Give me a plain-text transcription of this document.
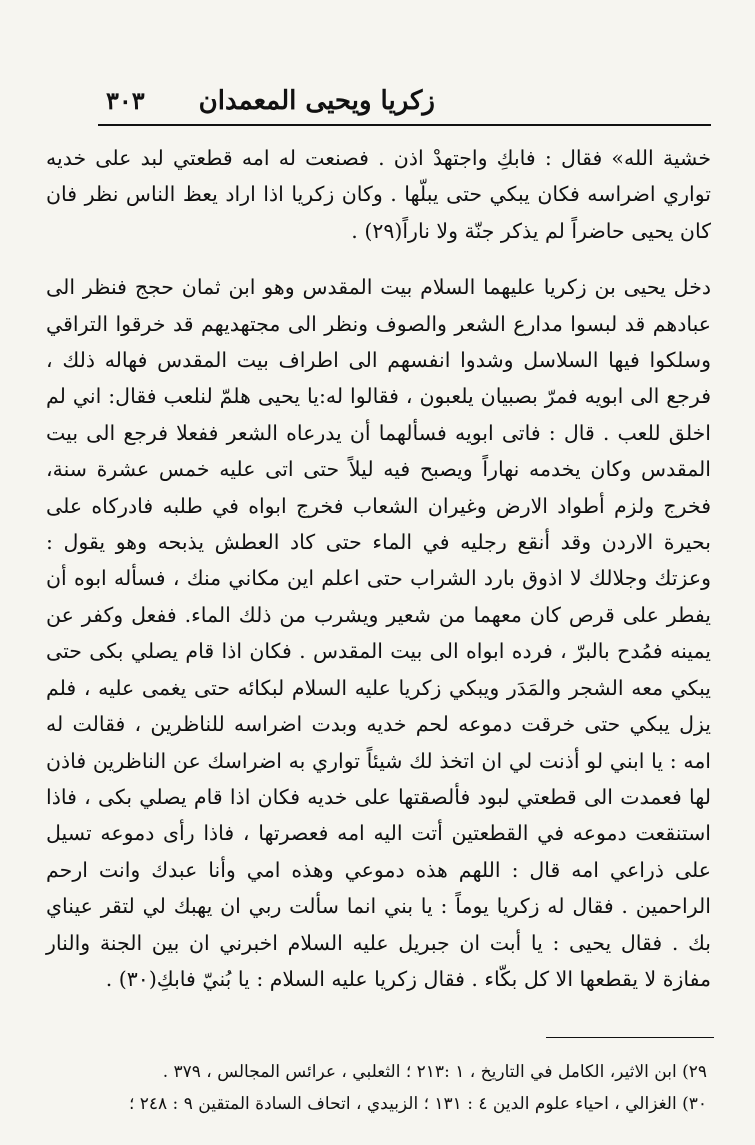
زكريا ويحيى المعمدان
٣٠٣

خشية الله» فقال : فابكِ واجتهدْ اذن . فصنعت له امه قطعتي لبد على خديه تواري اضراسه فكان يبكي حتى يبلّها . وكان زكريا اذا اراد يعظ الناس نظر فان كان يحيى حاضراً لم يذكر جنّة ولا ناراً(٢٩) .

دخل يحيى بن زكريا عليهما السلام بيت المقدس وهو ابن ثمان حجج فنظر الى عبادهم قد لبسوا مدارع الشعر والصوف ونظر الى مجتهديهم قد خرقوا التراقي وسلكوا فيها السلاسل وشدوا انفسهم الى اطراف بيت المقدس فهاله ذلك ، فرجع الى ابويه فمرّ بصبيان يلعبون ، فقالوا له:يا يحيى هلمّ لنلعب فقال: اني لم اخلق للعب . قال : فاتى ابويه فسألهما أن يدرعاه الشعر ففعلا فرجع الى بيت المقدس وكان يخدمه نهاراً ويصبح فيه ليلاً حتى اتى عليه خمس عشرة سنة، فخرج ولزم أطواد الارض وغيران الشعاب فخرج ابواه في طلبه فادركاه على بحيرة الاردن وقد أنقع رجليه في الماء حتى كاد العطش يذبحه وهو يقول : وعزتك وجلالك لا اذوق بارد الشراب حتى اعلم اين مكاني منك ، فسأله ابوه أن يفطر على قرص كان معهما من شعير ويشرب من ذلك الماء. ففعل وكفر عن يمينه فمُدح بالبرّ ، فرده ابواه الى بيت المقدس . فكان اذا قام يصلي بكى حتى يبكي معه الشجر والمَدَر ويبكي زكريا عليه السلام لبكائه حتى يغمى عليه ، فلم يزل يبكي حتى خرقت دموعه لحم خديه وبدت اضراسه للناظرين ، فقالت له امه : يا ابني لو أذنت لي ان اتخذ لك شيئاً تواري به اضراسك عن الناظرين فاذن لها فعمدت الى قطعتي لبود فألصقتها على خديه فكان اذا قام يصلي بكى ، فاذا استنقعت دموعه في القطعتين أتت اليه امه فعصرتها ، فاذا رأى دموعه تسيل على ذراعي امه قال : اللهم هذه دموعي وهذه امي وأنا عبدك وانت ارحم الراحمين . فقال له زكريا يوماً : يا بني انما سألت ربي ان يهبك لي لتقر عيناي بك . فقال يحيى : يا أبت ان جبريل عليه السلام اخبرني ان بين الجنة والنار مفازة لا يقطعها الا كل بكّاء . فقال زكريا عليه السلام : يا بُنيّ فابكِ(٣٠) .

٢٩) ابن الاثير، الكامل في التاريخ ، ١ :٢١٣ ؛ الثعلبي ، عرائس المجالس ، ٣٧٩ .
٣٠) الغزالي ، احياء علوم الدين ٤ : ١٣١ ؛ الزبيدي ، اتحاف السادة المتقين ٩ : ٢٤٨ ؛
